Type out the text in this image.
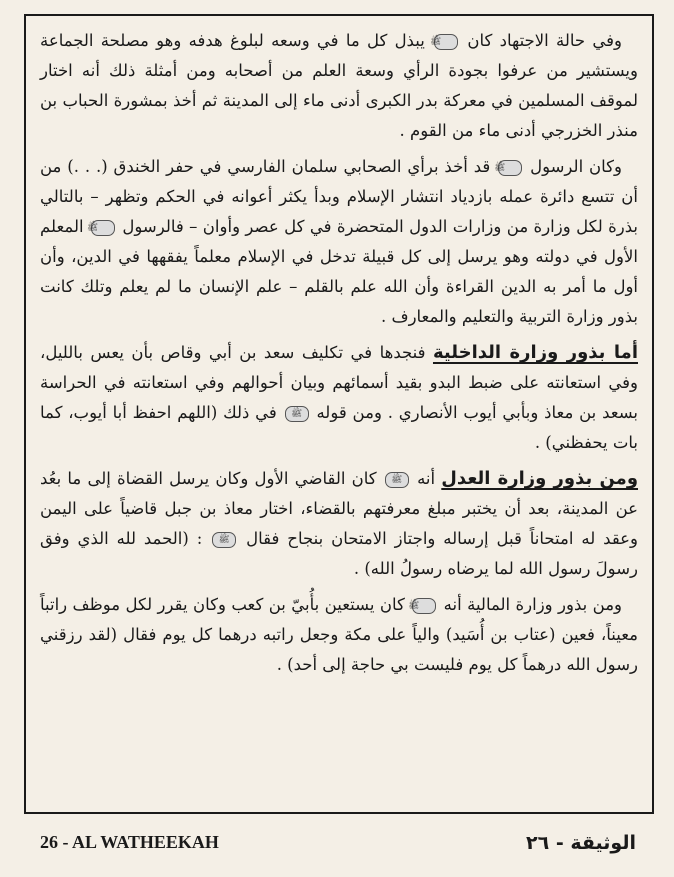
وفي حالة الاجتهاد كان ﷺ يبذل كل ما في وسعه لبلوغ هدفه وهو مصلحة الجماعة ويستشير من عرفوا بجودة الرأي وسعة العلم من أصحابه ومن أمثلة ذلك أنه اختار لموقف المسلمين في معركة بدر الكبرى أدنى ماء إلى المدينة ثم أخذ بمشورة الحباب بن منذر الخزرجي أدنى ماء من القوم .

وكان الرسول ﷺ قد أخذ برأي الصحابي سلمان الفارسي في حفر الخندق (. . .) من أن تتسع دائرة عمله بازدياد انتشار الإسلام وبدأ يكثر أعوانه في الحكم وتظهر – بالتالي بذرة لكل وزارة من وزارات الدول المتحضرة في كل عصر وأوان – فالرسول ﷺ المعلم الأول في دولته وهو يرسل إلى كل قبيلة تدخل في الإسلام معلماً يفقهها في الدين، وأن أول ما أمر به الدين القراءة وأن الله علم بالقلم – علم الإنسان ما لم يعلم وتلك كانت بذور وزارة التربية والتعليم والمعارف .

أما بذور وزارة الداخلية فنجدها في تكليف سعد بن أبي وقاص بأن يعس بالليل، وفي استعانته على ضبط البدو بقيد أسمائهم وبيان أحوالهم وفي استعانته في الحراسة بسعد بن معاذ وبأبي أيوب الأنصاري . ومن قوله ﷺ في ذلك (اللهم احفظ أبا أيوب، كما بات يحفظني) .

ومن بذور وزارة العدل أنه ﷺ كان القاضي الأول وكان يرسل القضاة إلى ما بعُد عن المدينة، بعد أن يختبر مبلغ معرفتهم بالقضاء، اختار معاذ بن جبل قاضياً على اليمن وعقد له امتحاناً قبل إرساله واجتاز الامتحان بنجاح فقال ﷺ : (الحمد لله الذي وفق رسولَ رسول الله لما يرضاه رسولُ الله) .

ومن بذور وزارة المالية أنه ﷺ كان يستعين بأُبيّ بن كعب وكان يقرر لكل موظف راتباً معيناً، فعين (عتاب بن أُسَيد) والياً على مكة وجعل راتبه درهما كل يوم فقال (لقد رزقني رسول الله درهماً كل يوم فليست بي حاجة إلى أحد) .

26 - AL WATHEEKAH	الوثيقة - ٢٦
